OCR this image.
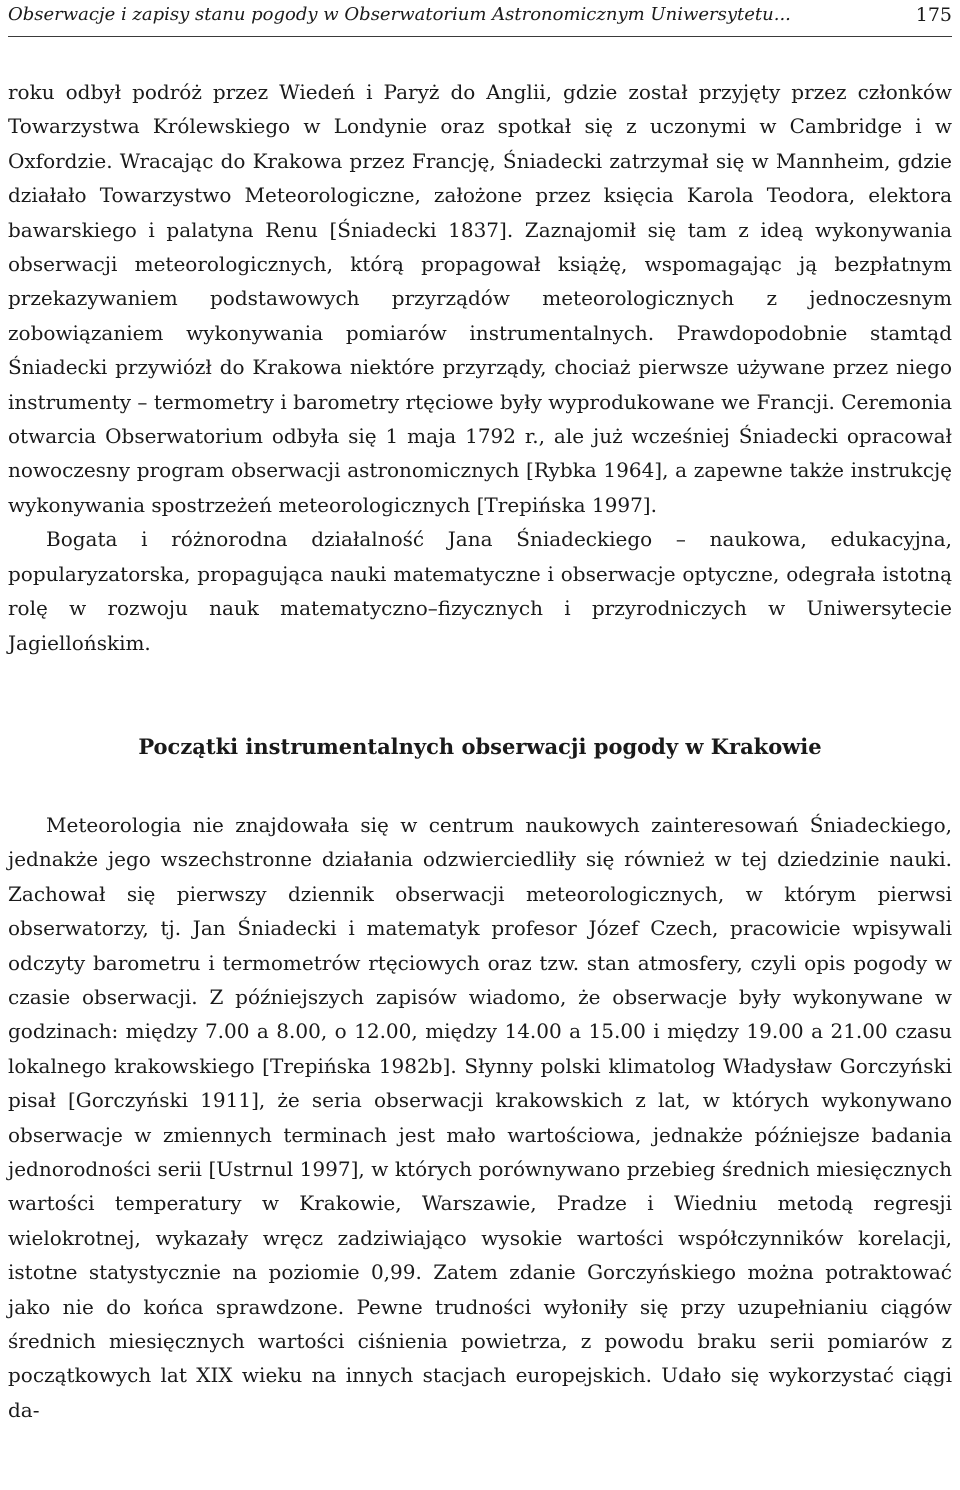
Obserwacje i zapisy stanu pogody w Obserwatorium Astronomicznym Uniwersytetu...	175

roku odbył podróż przez Wiedeń i Paryż do Anglii, gdzie został przyjęty przez członków Towarzystwa Królewskiego w Londynie oraz spotkał się z uczonymi w Cambridge i w Oxfordzie. Wracając do Krakowa przez Francję, Śniadecki zatrzymał się w Mannheim, gdzie działało Towarzystwo Meteorologiczne, założone przez księcia Karola Teodora, elektora bawarskiego i palatyna Renu [Śniadecki 1837]. Zaznajomił się tam z ideą wykonywania obserwacji meteorologicznych, którą propagował książę, wspomagając ją bezpłatnym przekazywaniem podstawowych przyrządów meteorologicznych z jednoczesnym zobowiązaniem wykonywania pomiarów instrumentalnych. Prawdopodobnie stamtąd Śniadecki przywiózł do Krakowa niektóre przyrządy, chociaż pierwsze używane przez niego instrumenty – termometry i barometry rtęciowe były wyprodukowane we Francji. Ceremonia otwarcia Obserwatorium odbyła się 1 maja 1792 r., ale już wcześniej Śniadecki opracował nowoczesny program obserwacji astronomicznych [Rybka 1964], a zapewne także instrukcję wykonywania spostrzeżeń meteorologicznych [Trepińska 1997].

Bogata i różnorodna działalność Jana Śniadeckiego – naukowa, edukacyjna, popularyzatorska, propagująca nauki matematyczne i obserwacje optyczne, odegrała istotną rolę w rozwoju nauk matematyczno–fizycznych i przyrodniczych w Uniwersytecie Jagiellońskim.

Początki instrumentalnych obserwacji pogody w Krakowie

Meteorologia nie znajdowała się w centrum naukowych zainteresowań Śniadeckiego, jednakże jego wszechstronne działania odzwierciedliły się również w tej dziedzinie nauki. Zachował się pierwszy dziennik obserwacji meteorologicznych, w którym pierwsi obserwatorzy, tj. Jan Śniadecki i matematyk profesor Józef Czech, pracowicie wpisywali odczyty barometru i termometrów rtęciowych oraz tzw. stan atmosfery, czyli opis pogody w czasie obserwacji. Z późniejszych zapisów wiadomo, że obserwacje były wykonywane w godzinach: między 7.00 a 8.00, o 12.00, między 14.00 a 15.00 i między 19.00 a 21.00 czasu lokalnego krakowskiego [Trepińska 1982b]. Słynny polski klimatolog Władysław Gorczyński pisał [Gorczyński 1911], że seria obserwacji krakowskich z lat, w których wykonywano obserwacje w zmiennych terminach jest mało wartościowa, jednakże późniejsze badania jednorodności serii [Ustrnul 1997], w których porównywano przebieg średnich miesięcznych wartości temperatury w Krakowie, Warszawie, Pradze i Wiedniu metodą regresji wielokrotnej, wykazały wręcz zadziwiająco wysokie wartości współczynników korelacji, istotne statystycznie na poziomie 0,99. Zatem zdanie Gorczyńskiego można potraktować jako nie do końca sprawdzone. Pewne trudności wyłoniły się przy uzupełnianiu ciągów średnich miesięcznych wartości ciśnienia powietrza, z powodu braku serii pomiarów z początkowych lat XIX wieku na innych stacjach europejskich. Udało się wykorzystać ciągi da-
